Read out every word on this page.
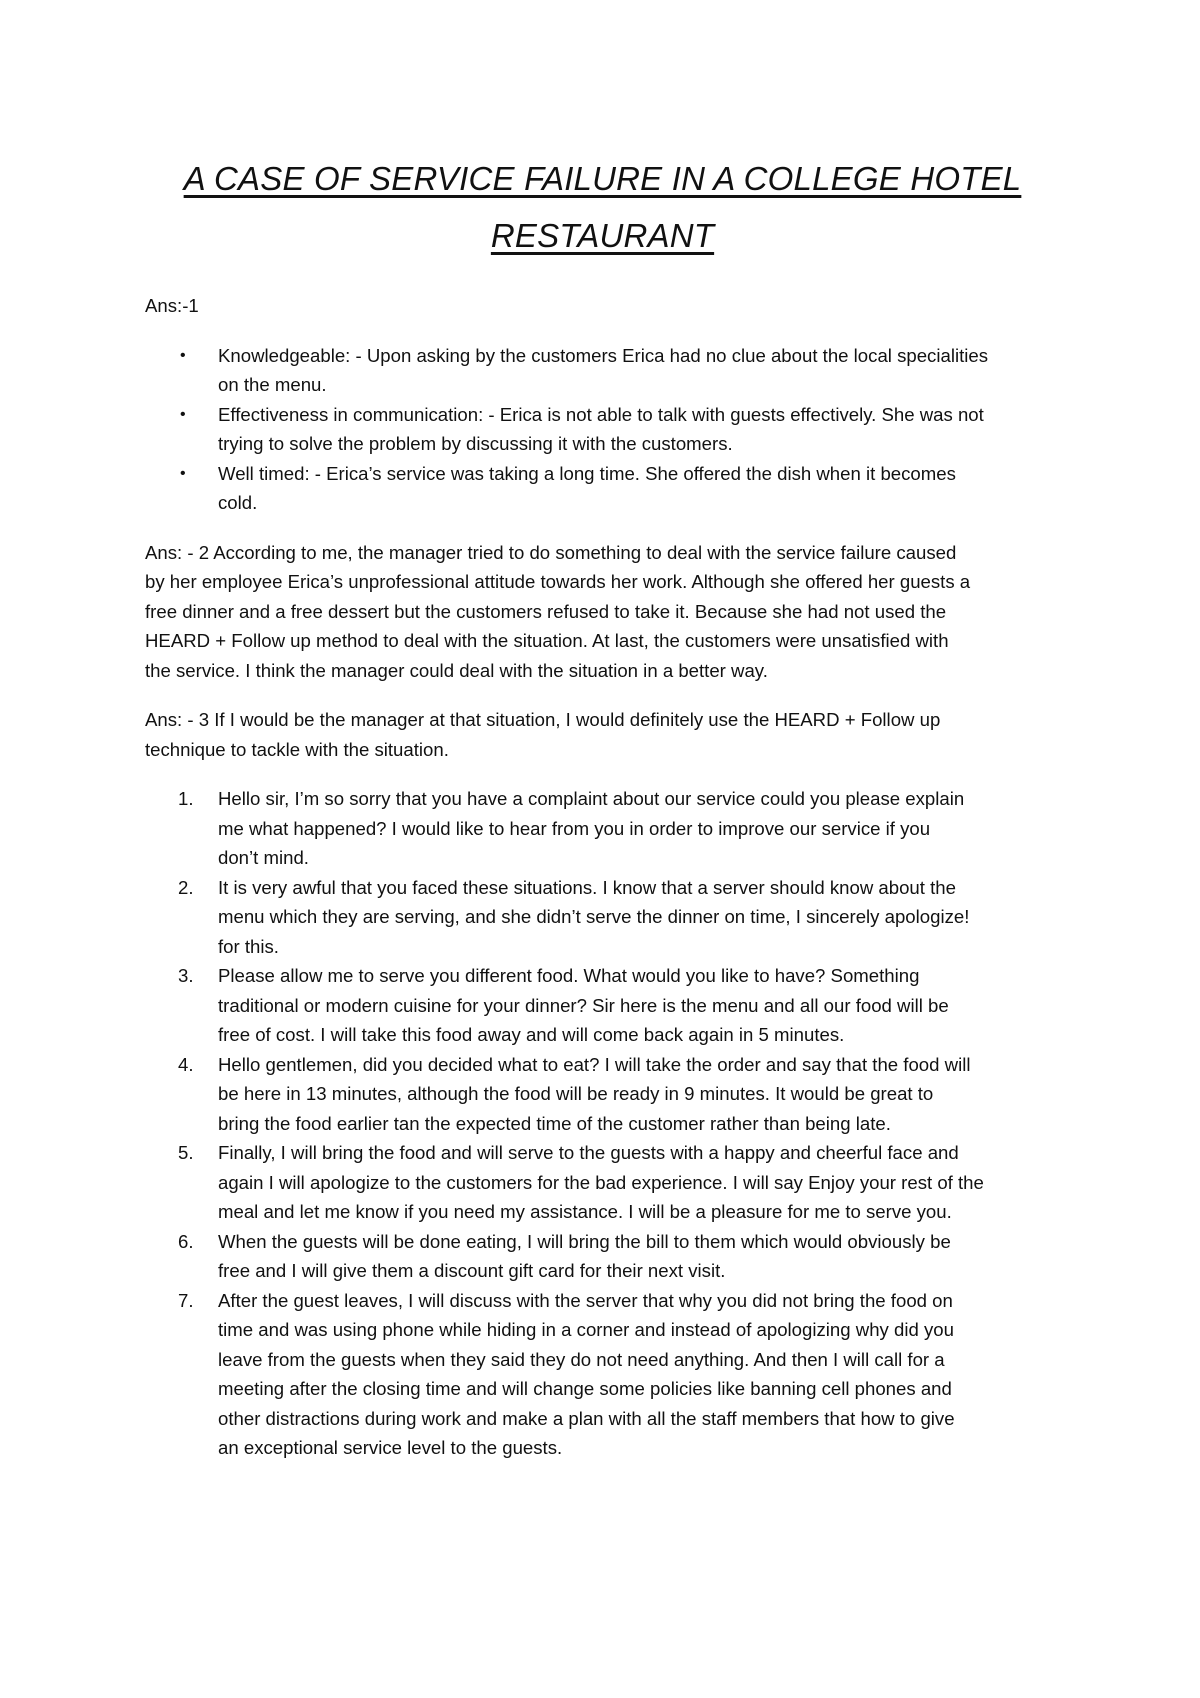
A CASE OF SERVICE FAILURE IN A COLLEGE HOTEL
RESTAURANT

Ans:-1

• Knowledgeable: - Upon asking by the customers Erica had no clue about the local specialities
on the menu.
• Effectiveness in communication: - Erica is not able to talk with guests effectively. She was not
trying to solve the problem by discussing it with the customers.
• Well timed: - Erica’s service was taking a long time. She offered the dish when it becomes
cold.
Ans: - 2 According to me, the manager tried to do something to deal with the service failure caused
by her employee Erica’s unprofessional attitude towards her work. Although she offered her guests a
free dinner and a free dessert but the customers refused to take it. Because she had not used the
HEARD + Follow up method to deal with the situation. At last, the customers were unsatisfied with
the service. I think the manager could deal with the situation in a better way.
Ans: - 3 If I would be the manager at that situation, I would definitely use the HEARD + Follow up
technique to tackle with the situation.
1.	Hello sir, I’m so sorry that you have a complaint about our service could you please explain
me what happened? I would like to hear from you in order to improve our service if you
don’t mind.
2.	It is very awful that you faced these situations. I know that a server should know about the
menu which they are serving, and she didn’t serve the dinner on time, I sincerely apologize!
for this.
3.	Please allow me to serve you different food. What would you like to have? Something
traditional or modern cuisine for your dinner? Sir here is the menu and all our food will be
free of cost. I will take this food away and will come back again in 5 minutes.
4.	Hello gentlemen, did you decided what to eat? I will take the order and say that the food will
be here in 13 minutes, although the food will be ready in 9 minutes. It would be great to
bring the food earlier tan the expected time of the customer rather than being late.
5.	Finally, I will bring the food and will serve to the guests with a happy and cheerful face and
again I will apologize to the customers for the bad experience. I will say Enjoy your rest of the
meal and let me know if you need my assistance. I will be a pleasure for me to serve you.
6.	When the guests will be done eating, I will bring the bill to them which would obviously be
free and I will give them a discount gift card for their next visit.
7.	After the guest leaves, I will discuss with the server that why you did not bring the food on
time and was using phone while hiding in a corner and instead of apologizing why did you
leave from the guests when they said they do not need anything. And then I will call for a
meeting after the closing time and will change some policies like banning cell phones and
other distractions during work and make a plan with all the staff members that how to give
an exceptional service level to the guests.
